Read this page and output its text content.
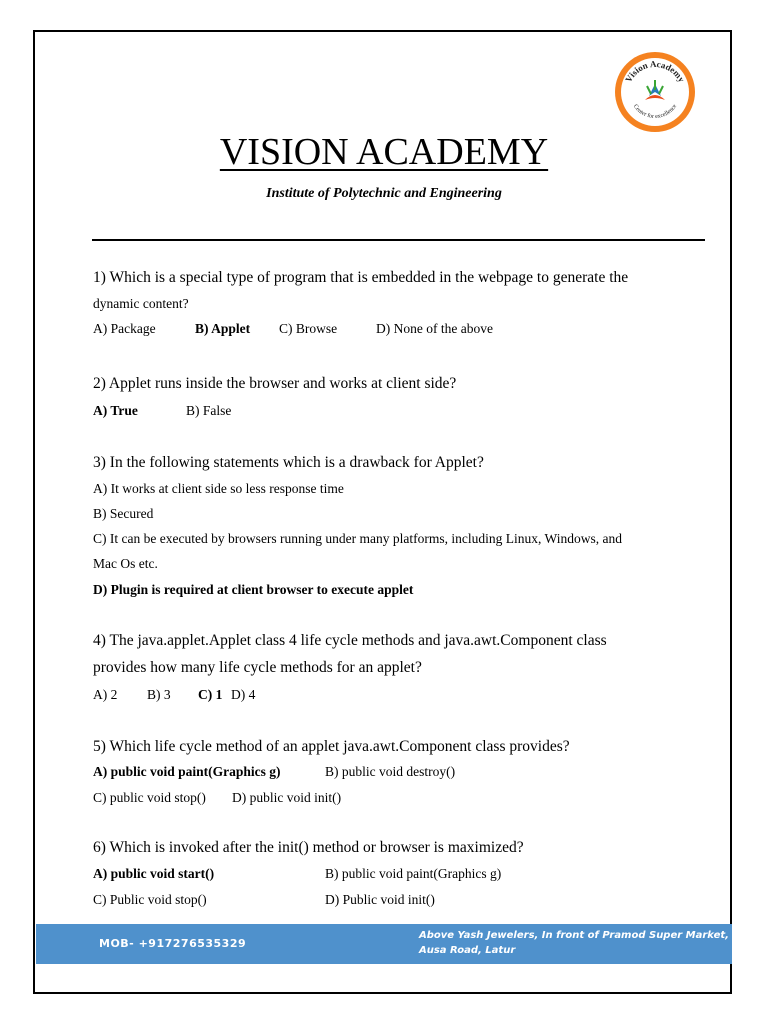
Vision Academy
Center for excellence
VISION ACADEMY
Institute of Polytechnic and Engineering
1) Which is a special type of program that is embedded in the webpage to generate the
dynamic content?
A) Package	B) Applet C) Browse	D) None of the above
2) Applet runs inside the browser and works at client side?
A) True	B) False
3) In the following statements which is a drawback for Applet?
A) It works at client side so less response time
B) Secured
C) It can be executed by browsers running under many platforms, including Linux, Windows, and
Mac Os etc.
D) Plugin is required at client browser to execute applet
4) The java.applet.Applet class 4 life cycle methods and java.awt.Component class
provides how many life cycle methods for an applet?
A) 2 B) 3 C) 1 D) 4
5) Which life cycle method of an applet java.awt.Component class provides?
A) public void paint(Graphics g)	B) public void destroy()
C) public void stop() D) public void init()
6) Which is invoked after the init() method or browser is maximized?
A) public void start()	B) public void paint(Graphics g)
C) Public void stop()	D) Public void init()
MOB- +917276535329
Above Yash Jewelers, In front of Pramod Super Market,
Ausa Road, Latur
